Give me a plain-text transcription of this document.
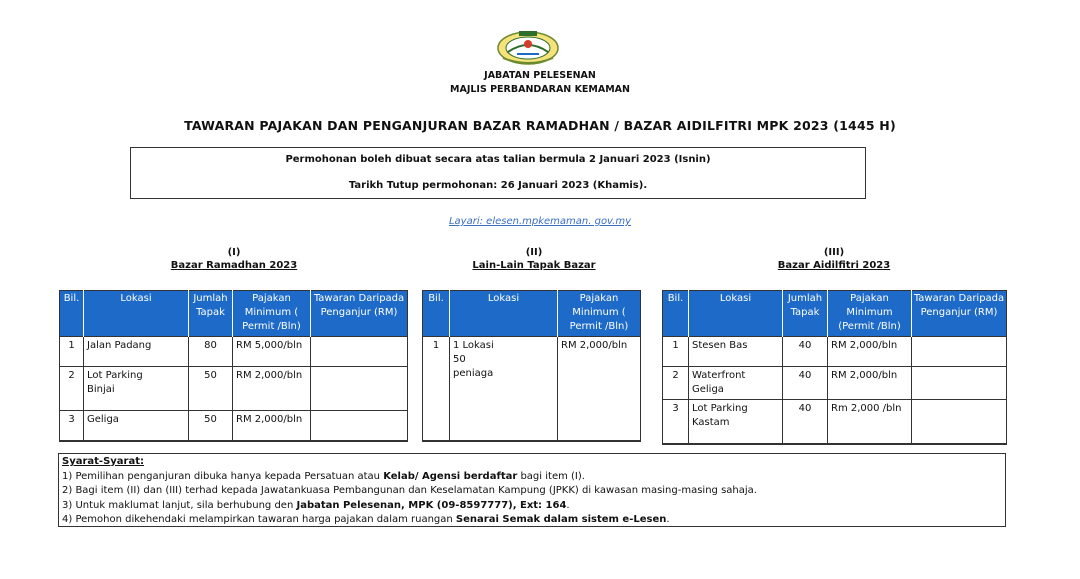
JABATAN PELESENAN
MAJLIS PERBANDARAN KEMAMAN
TAWARAN PAJAKAN DAN PENGANJURAN BAZAR RAMADHAN / BAZAR AIDILFITRI MPK 2023 (1445 H)
Permohonan boleh dibuat secara atas talian bermula 2 Januari 2023 (Isnin)
Tarikh Tutup permohonan: 26 Januari 2023 (Khamis).
Layari: elesen.mpkemaman. gov.my
(I)
Bazar Ramadhan 2023
(II)
Lain-Lain Tapak Bazar
(III)
Bazar Aidilfitri 2023
Bil.	Lokasi	Jumlah Tapak	Pajakan Minimum ( Permit /Bln)	Tawaran Daripada Penganjur (RM)
1	Jalan Padang	80	RM 5,000/bln	
2	Lot Parking Binjai	50	RM 2,000/bln	
3	Geliga	50	RM 2,000/bln	
Bil.	Lokasi	Pajakan Minimum ( Permit /Bln)
1	1 Lokasi 50 peniaga	RM 2,000/bln
Bil.	Lokasi	Jumlah Tapak	Pajakan Minimum (Permit /Bln)	Tawaran Daripada Penganjur (RM)
1	Stesen Bas	40	RM 2,000/bln	
2	Waterfront Geliga	40	RM 2,000/bln	
3	Lot Parking Kastam	40	Rm 2,000 /bln	
Syarat-Syarat:
1) Pemilihan penganjuran dibuka hanya kepada Persatuan atau Kelab/ Agensi berdaftar bagi item (I).
2) Bagi item (II) dan (III) terhad kepada Jawatankuasa Pembangunan dan Keselamatan Kampung (JPKK) di kawasan masing-masing sahaja.
3) Untuk maklumat lanjut, sila berhubung den Jabatan Pelesenan, MPK (09-8597777), Ext: 164.
4) Pemohon dikehendaki melampirkan tawaran harga pajakan dalam ruangan Senarai Semak dalam sistem e-Lesen.
